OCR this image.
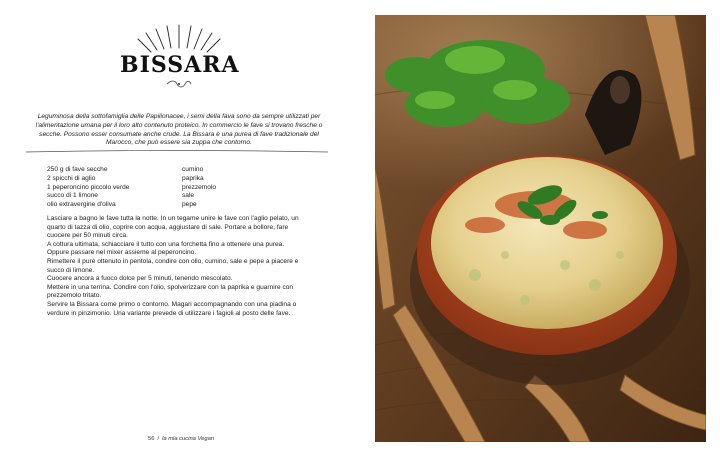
BISSARA
Leguminosa della sottofamiglia delle Papilionacee, i semi della fava sono da sempre utilizzati per l'alimentazione umana per il loro alto contenuto proteico. In commercio le fave si trovano fresche o secche. Possono esser consumate anche crude. La Bissara è una purea di fave tradizionale del Marocco, che può essere sia zuppa che contorno.
250 g di fave secche
2 spicchi di aglio
1 peperoncino piccolo verde
succo di 1 limone
olio extravergine d'oliva
cumino
paprika
prezzemolo
sale
pepe

Lasciare a bagno le fave tutta la notte. In un tegame unire le fave con l'aglio pelato, un quarto di tazza di olio, coprire con acqua, aggiustare di sale. Portare a bollore, fare cuocere per 50 minuti circa.

A cottura ultimata, schiacciare il tutto con una forchetta fino a ottenere una purea.

Oppure passare nel mixer assieme al peperoncino.

Rimettere il purè ottenuto in pentola, condire con olio, cumino, sale e pepe a piacere e succo di limone.

Cuocere ancora a fuoco dolce per 5 minuti, tenendo mescolato.

Mettere in una terrina. Condire con l'olio, spolverizzare con la paprika e guarnire con prezzemolo tritato.

Servire la Bissara come primo o contorno. Magari accompagnando con una piadina o verdure in pinzimonio. Una variante prevede di utilizzare i fagioli al posto delle fave.

56 / la mia cucina Vegan
